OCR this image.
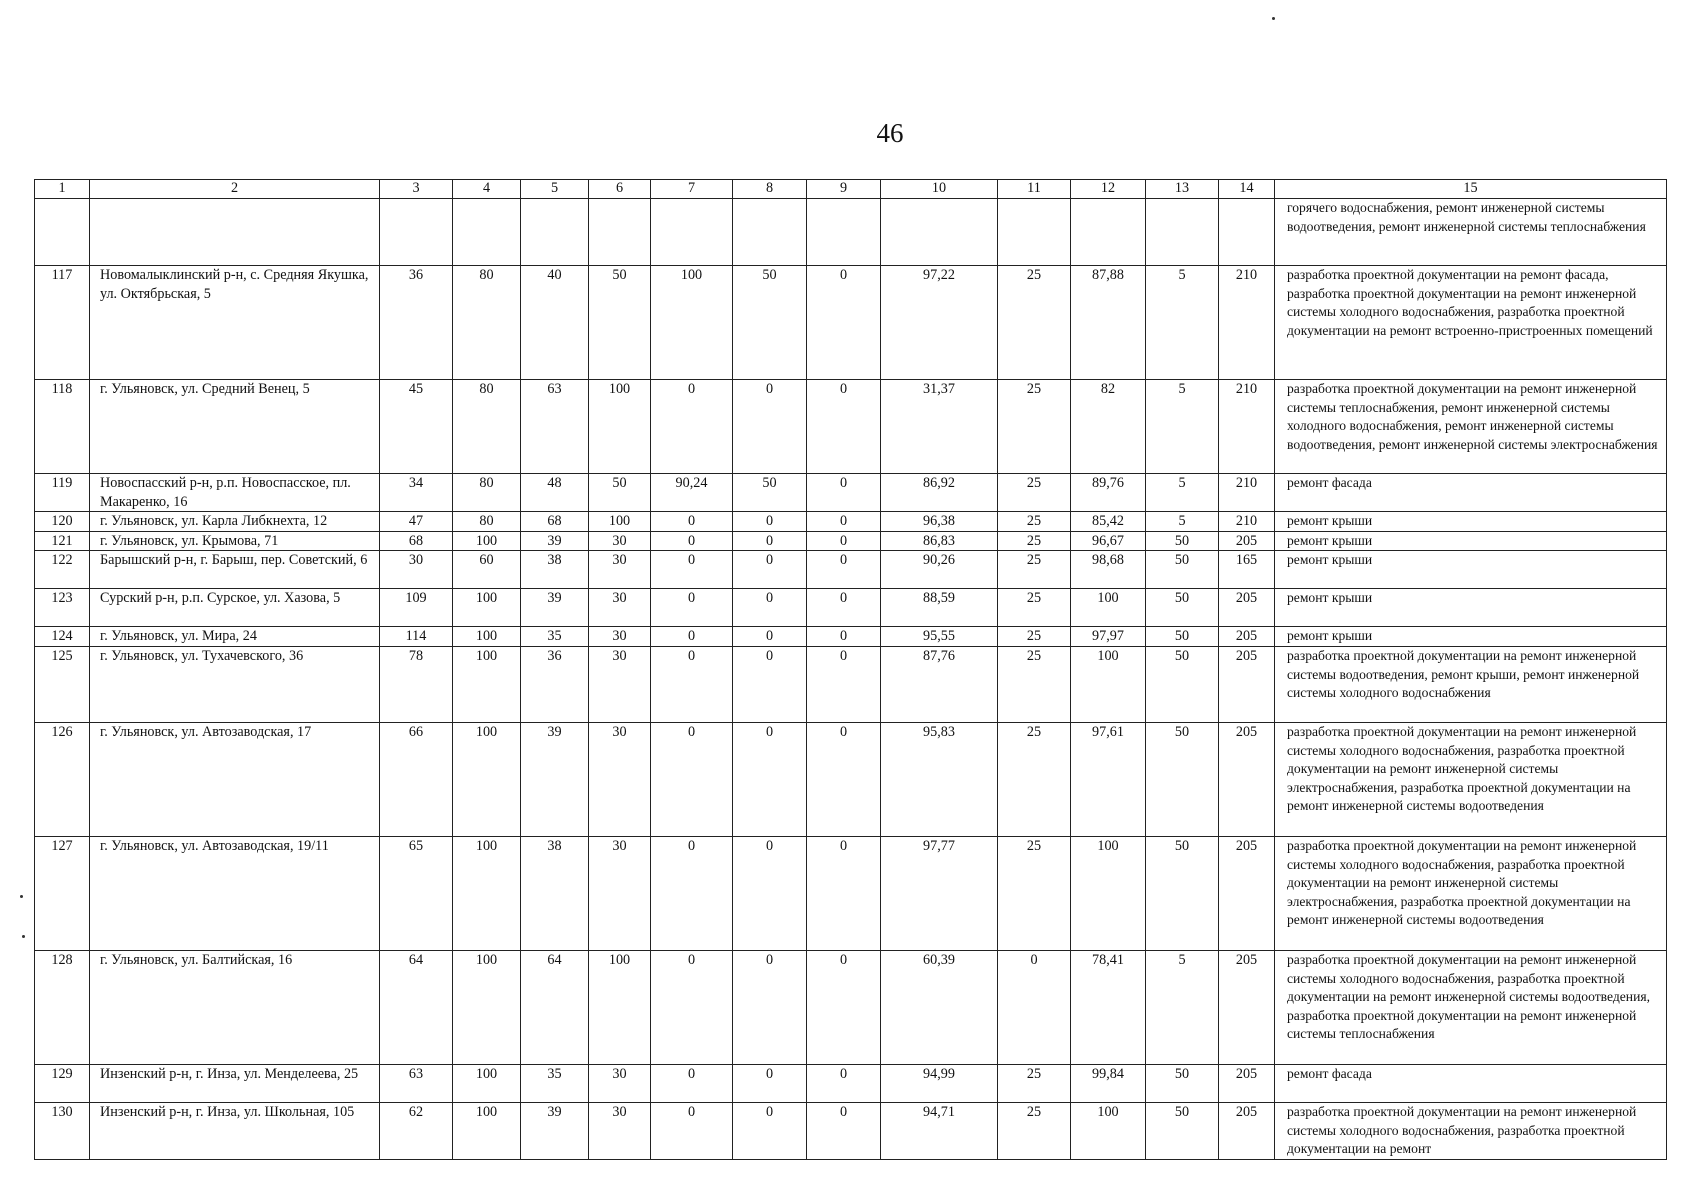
46
1	2	3	4	5	6	7	8	9	10	11	12	13	14	15
														горячего водоснабжения, ремонт инженерной системы водоотведения, ремонт инженерной системы теплоснабжения
117	Новомалыклинский р-н, с. Средняя Якушка, ул. Октябрьская, 5	36	80	40	50	100	50	0	97,22	25	87,88	5	210	разработка проектной документации на ремонт фасада, разработка проектной документации на ремонт инженерной системы холодного водоснабжения, разработка проектной документации на ремонт встроенно-пристроенных помещений
118	г. Ульяновск, ул. Средний Венец, 5	45	80	63	100	0	0	0	31,37	25	82	5	210	разработка проектной документации на ремонт инженерной системы теплоснабжения, ремонт инженерной системы холодного водоснабжения, ремонт инженерной системы водоотведения, ремонт инженерной системы электроснабжения
119	Новоспасский р-н, р.п. Новоспасское, пл. Макаренко, 16	34	80	48	50	90,24	50	0	86,92	25	89,76	5	210	ремонт фасада
120	г. Ульяновск, ул. Карла Либкнехта, 12	47	80	68	100	0	0	0	96,38	25	85,42	5	210	ремонт крыши
121	г. Ульяновск, ул. Крымова, 71	68	100	39	30	0	0	0	86,83	25	96,67	50	205	ремонт крыши
122	Барышский р-н, г. Барыш, пер. Советский, 6	30	60	38	30	0	0	0	90,26	25	98,68	50	165	ремонт крыши
123	Сурский р-н, р.п. Сурское, ул. Хазова, 5	109	100	39	30	0	0	0	88,59	25	100	50	205	ремонт крыши
124	г. Ульяновск, ул. Мира, 24	114	100	35	30	0	0	0	95,55	25	97,97	50	205	ремонт крыши
125	г. Ульяновск, ул. Тухачевского, 36	78	100	36	30	0	0	0	87,76	25	100	50	205	разработка проектной документации на ремонт инженерной системы водоотведения, ремонт крыши, ремонт инженерной системы холодного водоснабжения
126	г. Ульяновск, ул. Автозаводская, 17	66	100	39	30	0	0	0	95,83	25	97,61	50	205	разработка проектной документации на ремонт инженерной системы холодного водоснабжения, разработка проектной документации на ремонт инженерной системы электроснабжения, разработка проектной документации на ремонт инженерной системы водоотведения
127	г. Ульяновск, ул. Автозаводская, 19/11	65	100	38	30	0	0	0	97,77	25	100	50	205	разработка проектной документации на ремонт инженерной системы холодного водоснабжения, разработка проектной документации на ремонт инженерной системы электроснабжения, разработка проектной документации на ремонт инженерной системы водоотведения
128	г. Ульяновск, ул. Балтийская, 16	64	100	64	100	0	0	0	60,39	0	78,41	5	205	разработка проектной документации на ремонт инженерной системы холодного водоснабжения, разработка проектной документации на ремонт инженерной системы водоотведения, разработка проектной документации на ремонт инженерной системы теплоснабжения
129	Инзенский р-н, г. Инза, ул. Менделеева, 25	63	100	35	30	0	0	0	94,99	25	99,84	50	205	ремонт фасада
130	Инзенский р-н, г. Инза, ул. Школьная, 105	62	100	39	30	0	0	0	94,71	25	100	50	205	разработка проектной документации на ремонт инженерной системы холодного водоснабжения, разработка проектной документации на ремонт
